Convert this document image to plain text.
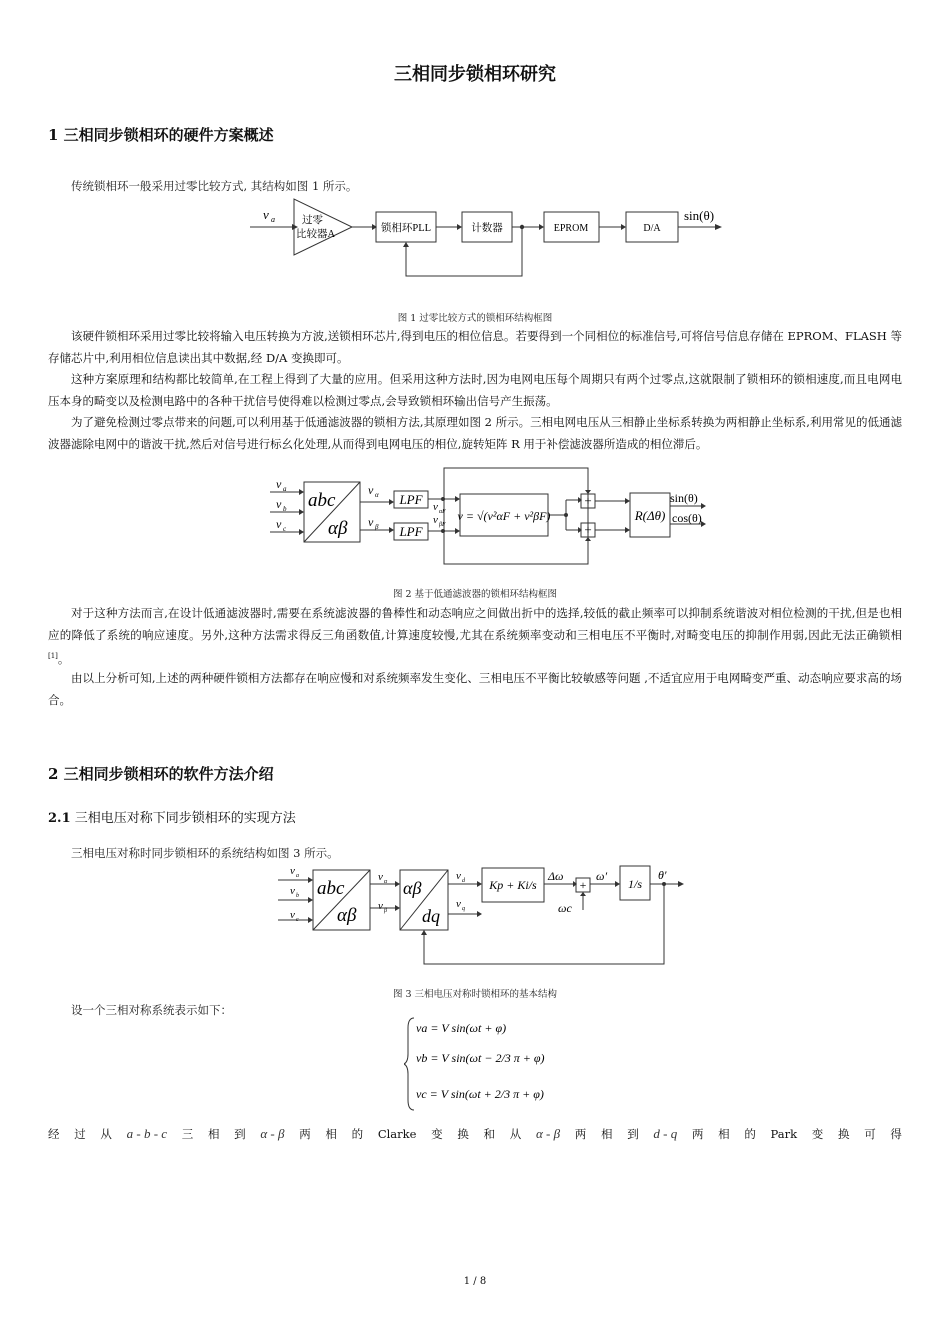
三相同步锁相环研究
1 三相同步锁相环的硬件方案概述
传统锁相环一般采用过零比较方式, 其结构如图 1 所示。
v a	过零
比较器A
锁相环PLL	计数器	EPROM	D/A
sin(θ)
图 1 过零比较方式的锁相环结构框图
该硬件锁相环采用过零比较将输入电压转换为方波,送锁相环芯片,得到电压的相位信息。若要得到一个同相位的标准信号,可将信号信息存储在 EPROM、FLASH 等存储芯片中,利用相位信息读出其中数据,经 D/A 变换即可。
这种方案原理和结构都比较简单,在工程上得到了大量的应用。但采用这种方法时,因为电网电压每个周期只有两个过零点,这就限制了锁相环的锁相速度,而且电网电压本身的畸变以及检测电路中的各种干扰信号使得难以检测过零点,会导致锁相环输出信号产生振荡。
为了避免检测过零点带来的问题,可以利用基于低通滤波器的锁相方法,其原理如图 2 所示。三相电网电压从三相静止坐标系转换为两相静止坐标系,利用常见的低通滤波器滤除电网中的谐波干扰,然后对信号进行标幺化处理,从而得到电网电压的相位,旋转矩阵 R 用于补偿滤波器所造成的相位滞后。
v a
v b
v c
abc
αβ
v α
v β
LPF
LPF
v αF
v βF
v = √(v²αF + v²βF)
+
+
R(Δθ)
sin(θ)
cos(θ)
图 2 基于低通滤波器的锁相环结构框图
对于这种方法而言,在设计低通滤波器时,需要在系统滤波器的鲁棒性和动态响应之间做出折中的选择,较低的截止频率可以抑制系统谐波对相位检测的干扰,但是也相应的降低了系统的响应速度。另外,这种方法需求得反三角函数值,计算速度较慢,尤其在系统频率变动和三相电压不平衡时,对畸变电压的抑制作用弱,因此无法正确锁相[1]。
由以上分析可知,上述的两种硬件锁相方法都存在响应慢和对系统频率发生变化、三相电压不平衡比较敏感等问题 ,不适宜应用于电网畸变严重、动态响应要求高的场合。
2 三相同步锁相环的软件方法介绍
2.1 三相电压对称下同步锁相环的实现方法
三相电压对称时同步锁相环的系统结构如图 3 所示。
v a
v b
v c
abc
αβ
v α
v β
αβ
dq
v d
v q
Kp + Ki/s
Δω
+
ω′
ωc
1/s
θ′
图 3 三相电压对称时锁相环的基本结构
设一个三相对称系统表示如下：
va = V sin(ωt + φ)
vb = V sin(ωt − 2/3 π + φ)
vc = V sin(ωt + 2/3 π + φ)
经 过 从 a - b - c 三 相 到 α - β 两 相 的 Clarke 变 换 和 从 α - β 两 相 到 d - q 两 相 的 Park 变 换 可 得
1 / 8
